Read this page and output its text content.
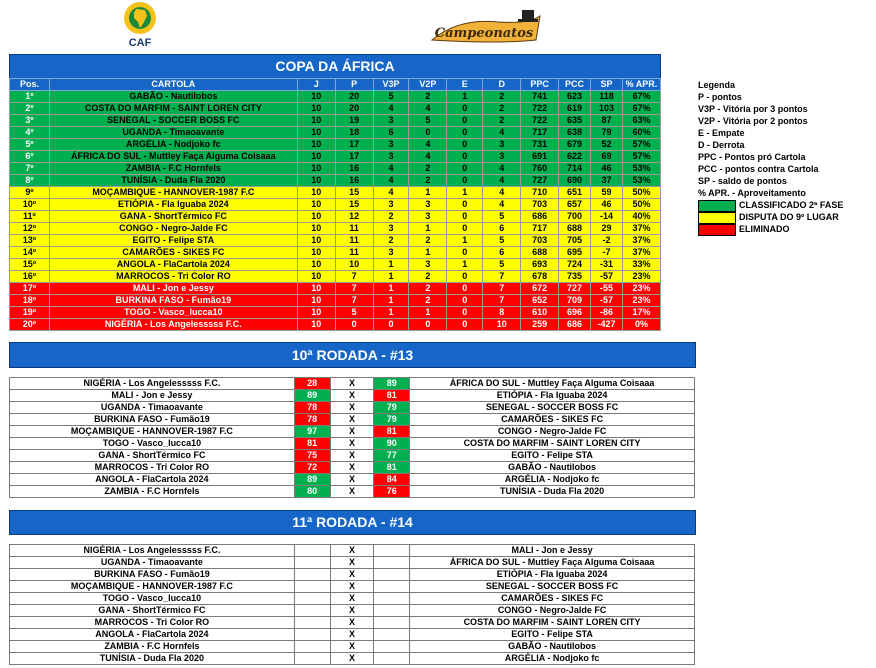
CAF
Campeonatos
COPA DA ÁFRICA
Pos.	CARTOLA	J	P	V3P	V2P	E	D	PPC	PCC	SP	% APR.
1º	GABÃO - Nautilobos	10	20	5	2	1	2	741	623	118	67%
2º	COSTA DO MARFIM - SAINT LOREN CITY	10	20	4	4	0	2	722	619	103	67%
3º	SENEGAL - SOCCER BOSS FC	10	19	3	5	0	2	722	635	87	63%
4º	UGANDA - Timaoavante	10	18	6	0	0	4	717	638	79	60%
5º	ARGÉLIA - Nodjoko fc	10	17	3	4	0	3	731	679	52	57%
6º	ÁFRICA DO SUL - Muttley Faça Alguma Coisaaa	10	17	3	4	0	3	691	622	69	57%
7º	ZAMBIA - F.C Hornfels	10	16	4	2	0	4	760	714	46	53%
8º	TUNÍSIA - Duda Fla 2020	10	16	4	2	0	4	727	690	37	53%
9º	MOÇAMBIQUE - HANNOVER-1987 F.C	10	15	4	1	1	4	710	651	59	50%
10º	ETIÓPIA - Fla Iguaba 2024	10	15	3	3	0	4	703	657	46	50%
11º	GANA - ShortTérmico FC	10	12	2	3	0	5	686	700	-14	40%
12º	CONGO - Negro-Jalde FC	10	11	3	1	0	6	717	688	29	37%
13º	EGITO - Felipe STA	10	11	2	2	1	5	703	705	-2	37%
14º	CAMARÕES - SIKES FC	10	11	3	1	0	6	688	695	-7	37%
15º	ANGOLA - FlaCartola 2024	10	10	1	3	1	5	693	724	-31	33%
16º	MARROCOS - Tri Color RO	10	7	1	2	0	7	678	735	-57	23%
17º	MALI - Jon e Jessy	10	7	1	2	0	7	672	727	-55	23%
18º	BURKINA FASO - Fumão19	10	7	1	2	0	7	652	709	-57	23%
19º	TOGO - Vasco_lucca10	10	5	1	1	0	8	610	696	-86	17%
20º	NIGÉRIA - Los Angelesssss F.C.	10	0	0	0	0	10	259	686	-427	0%
Legenda
P - pontos
V3P - Vitória por 3 pontos
V2P - Vitória por 2 pontos
E - Empate
D - Derrota
PPC - Pontos pró Cartola
PCC - pontos contra Cartola
SP - saldo de pontos
% APR. - Aproveitamento
CLASSIFICADO 2ª FASE
DISPUTA DO 9º LUGAR
ELIMINADO
10ª RODADA - #13
NIGÉRIA - Los Angelesssss F.C.	28	X	89	ÁFRICA DO SUL - Muttley Faça Alguma Coisaaa
MALI - Jon e Jessy	89	X	81	ETIÓPIA - Fla Iguaba 2024
UGANDA - Timaoavante	78	X	79	SENEGAL - SOCCER BOSS FC
BURKINA FASO - Fumão19	78	X	79	CAMARÕES - SIKES FC
MOÇAMBIQUE - HANNOVER-1987 F.C	97	X	81	CONGO - Negro-Jalde FC
TOGO - Vasco_lucca10	81	X	90	COSTA DO MARFIM - SAINT LOREN CITY
GANA - ShortTérmico FC	75	X	77	EGITO - Felipe STA
MARROCOS - Tri Color RO	72	X	81	GABÃO - Nautilobos
ANGOLA - FlaCartola 2024	89	X	84	ARGÉLIA - Nodjoko fc
ZAMBIA - F.C Hornfels	80	X	76	TUNÍSIA - Duda Fla 2020
11ª RODADA - #14
NIGÉRIA - Los Angelesssss F.C.		X		MALI - Jon e Jessy
UGANDA - Timaoavante		X		ÁFRICA DO SUL - Muttley Faça Alguma Coisaaa
BURKINA FASO - Fumão19		X		ETIÓPIA - Fla Iguaba 2024
MOÇAMBIQUE - HANNOVER-1987 F.C		X		SENEGAL - SOCCER BOSS FC
TOGO - Vasco_lucca10		X		CAMARÕES - SIKES FC
GANA - ShortTérmico FC		X		CONGO - Negro-Jalde FC
MARROCOS - Tri Color RO		X		COSTA DO MARFIM - SAINT LOREN CITY
ANGOLA - FlaCartola 2024		X		EGITO - Felipe STA
ZAMBIA - F.C Hornfels		X		GABÃO - Nautilobos
TUNÍSIA - Duda Fla 2020		X		ARGÉLIA - Nodjoko fc
